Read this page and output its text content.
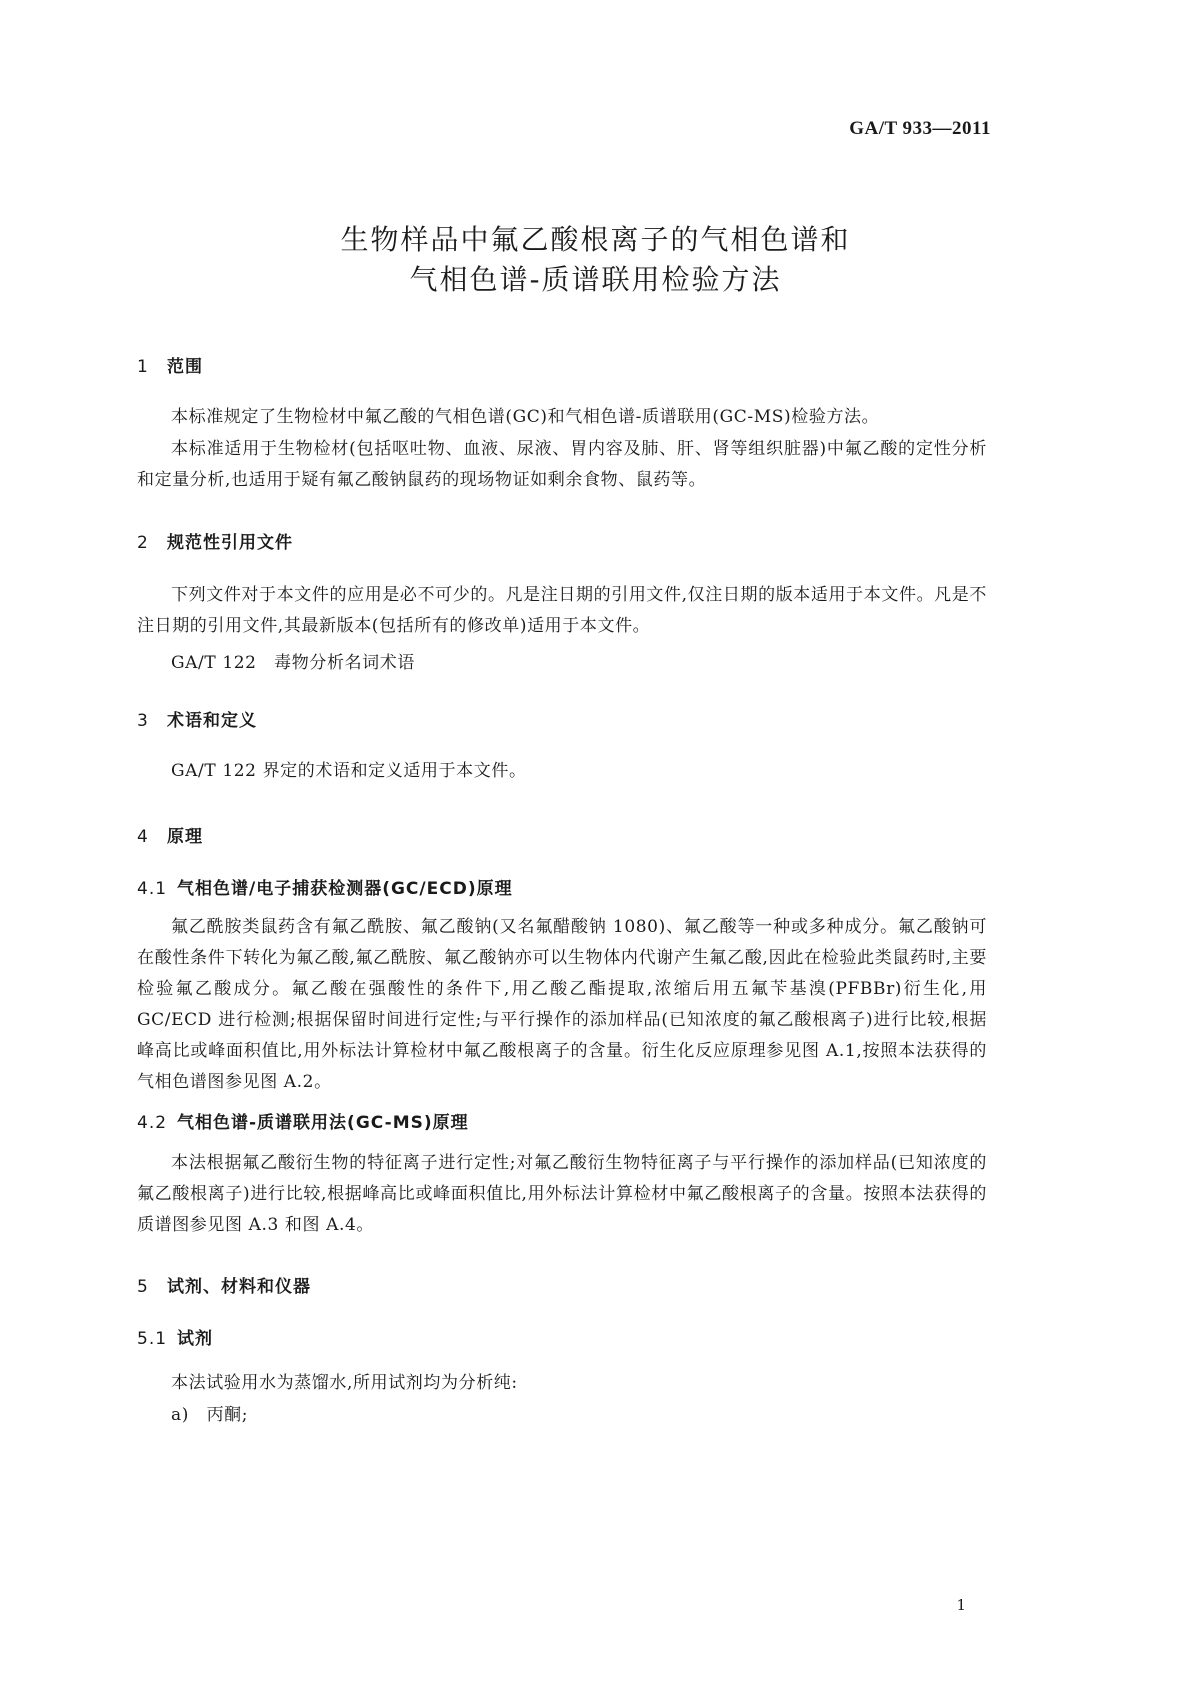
GA/T 933—2011
生物样品中氟乙酸根离子的气相色谱和
气相色谱-质谱联用检验方法
1 范围
本标准规定了生物检材中氟乙酸的气相色谱(GC)和气相色谱-质谱联用(GC-MS)检验方法。
本标准适用于生物检材(包括呕吐物、血液、尿液、胃内容及肺、肝、肾等组织脏器)中氟乙酸的定性分析和定量分析,也适用于疑有氟乙酸钠鼠药的现场物证如剩余食物、鼠药等。
2 规范性引用文件
下列文件对于本文件的应用是必不可少的。凡是注日期的引用文件,仅注日期的版本适用于本文件。凡是不注日期的引用文件,其最新版本(包括所有的修改单)适用于本文件。
GA/T 122　毒物分析名词术语
3 术语和定义
GA/T 122 界定的术语和定义适用于本文件。
4 原理
4.1 气相色谱/电子捕获检测器(GC/ECD)原理
氟乙酰胺类鼠药含有氟乙酰胺、氟乙酸钠(又名氟醋酸钠 1080)、氟乙酸等一种或多种成分。氟乙酸钠可在酸性条件下转化为氟乙酸,氟乙酰胺、氟乙酸钠亦可以生物体内代谢产生氟乙酸,因此在检验此类鼠药时,主要检验氟乙酸成分。氟乙酸在强酸性的条件下,用乙酸乙酯提取,浓缩后用五氟苄基溴(PFBBr)衍生化,用 GC/ECD 进行检测;根据保留时间进行定性;与平行操作的添加样品(已知浓度的氟乙酸根离子)进行比较,根据峰高比或峰面积值比,用外标法计算检材中氟乙酸根离子的含量。衍生化反应原理参见图 A.1,按照本法获得的气相色谱图参见图 A.2。
4.2 气相色谱-质谱联用法(GC-MS)原理
本法根据氟乙酸衍生物的特征离子进行定性;对氟乙酸衍生物特征离子与平行操作的添加样品(已知浓度的氟乙酸根离子)进行比较,根据峰高比或峰面积值比,用外标法计算检材中氟乙酸根离子的含量。按照本法获得的质谱图参见图 A.3 和图 A.4。
5 试剂、材料和仪器
5.1 试剂
本法试验用水为蒸馏水,所用试剂均为分析纯:
a)　丙酮;
1
